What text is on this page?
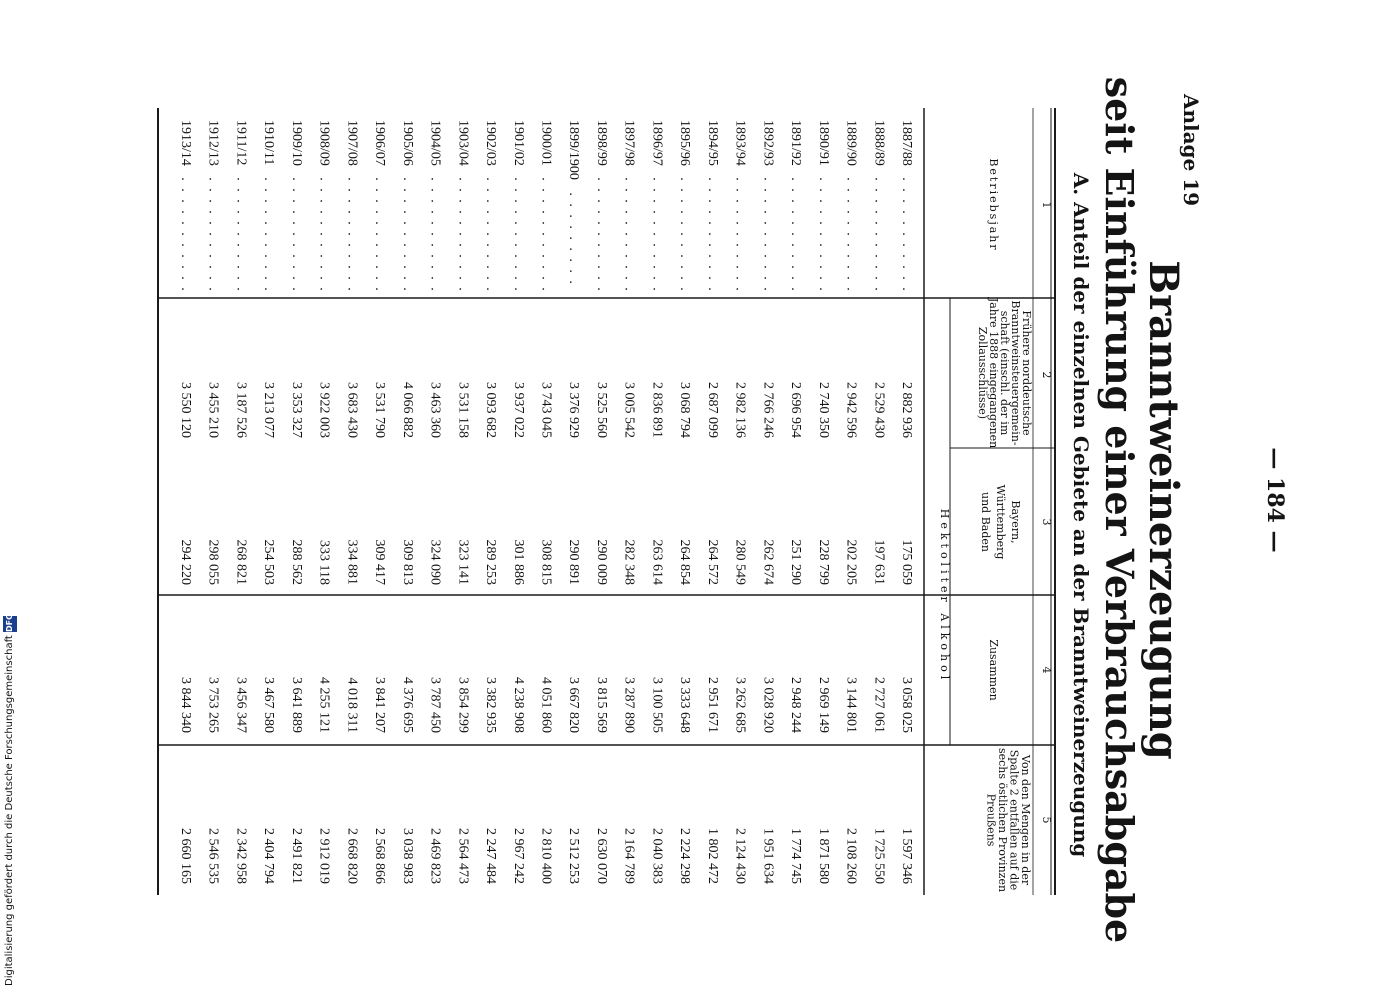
Anlage 19
— 184 —
Branntweinerzeugung
seit Einführung einer Verbrauchsabgabe
A. Anteil der einzelnen Gebiete an der Branntweinerzeugung
1
2
3
4
5
Betriebsjahr
Frühere norddeutsche
Branntweinsteuergemein-
schaft (einschl. der im
Jahre 1888 eingegangenen
Zollausschlüsse)
Bayern,
Württemberg
und Baden
Zusammen
Von den Mengen in der
Spalte 2 entfallen auf die
sechs östlichen Provinzen
Preußens
Hektoliter Alkohol
1887/88
. . . . . . . . . . .
2 882 936
175 059
3 058 025
1 597 346
1888/89
. . . . . . . . . . .
2 529 430
197 631
2 727 061
1 725 550
1889/90
. . . . . . . . . . .
2 942 596
202 205
3 144 801
2 108 260
1890/91
. . . . . . . . . . .
2 740 350
228 799
2 969 149
1 871 580
1891/92
. . . . . . . . . . .
2 696 954
251 290
2 948 244
1 774 745
1892/93
. . . . . . . . . . .
2 766 246
262 674
3 028 920
1 951 634
1893/94
. . . . . . . . . . .
2 982 136
280 549
3 262 685
2 124 430
1894/95
. . . . . . . . . . .
2 687 099
264 572
2 951 671
1 802 472
1895/96
. . . . . . . . . . .
3 068 794
264 854
3 333 648
2 224 298
1896/97
. . . . . . . . . . .
2 836 891
263 614
3 100 505
2 040 383
1897/98
. . . . . . . . . . .
3 005 542
282 348
3 287 890
2 164 789
1898/99
. . . . . . . . . . .
3 525 560
290 009
3 815 569
2 630 070
1899/1900
. . . . . . . . .
3 376 929
290 891
3 667 820
2 512 253
1900/01
. . . . . . . . . . .
3 743 045
308 815
4 051 860
2 810 400
1901/02
. . . . . . . . . . .
3 937 022
301 886
4 238 908
2 967 242
1902/03
. . . . . . . . . . .
3 093 682
289 253
3 382 935
2 247 484
1903/04
. . . . . . . . . . .
3 531 158
323 141
3 854 299
2 564 473
1904/05
. . . . . . . . . . .
3 463 360
324 090
3 787 450
2 469 823
1905/06
. . . . . . . . . . .
4 066 882
309 813
4 376 695
3 038 983
1906/07
. . . . . . . . . . .
3 531 790
309 417
3 841 207
2 568 866
1907/08
. . . . . . . . . . .
3 683 430
334 881
4 018 311
2 668 820
1908/09
. . . . . . . . . . .
3 922 003
333 118
4 255 121
2 912 019
1909/10
. . . . . . . . . . .
3 353 327
288 562
3 641 889
2 491 821
1910/11
. . . . . . . . . . .
3 213 077
254 503
3 467 580
2 404 794
1911/12
. . . . . . . . . . .
3 187 526
268 821
3 456 347
2 342 958
1912/13
. . . . . . . . . . .
3 455 210
298 055
3 753 265
2 546 535
1913/14
. . . . . . . . . . .
3 550 120
294 220
3 844 340
2 660 165
Digitalisierung gefördert durch die Deutsche Forschungsgemeinschaft
DFG
